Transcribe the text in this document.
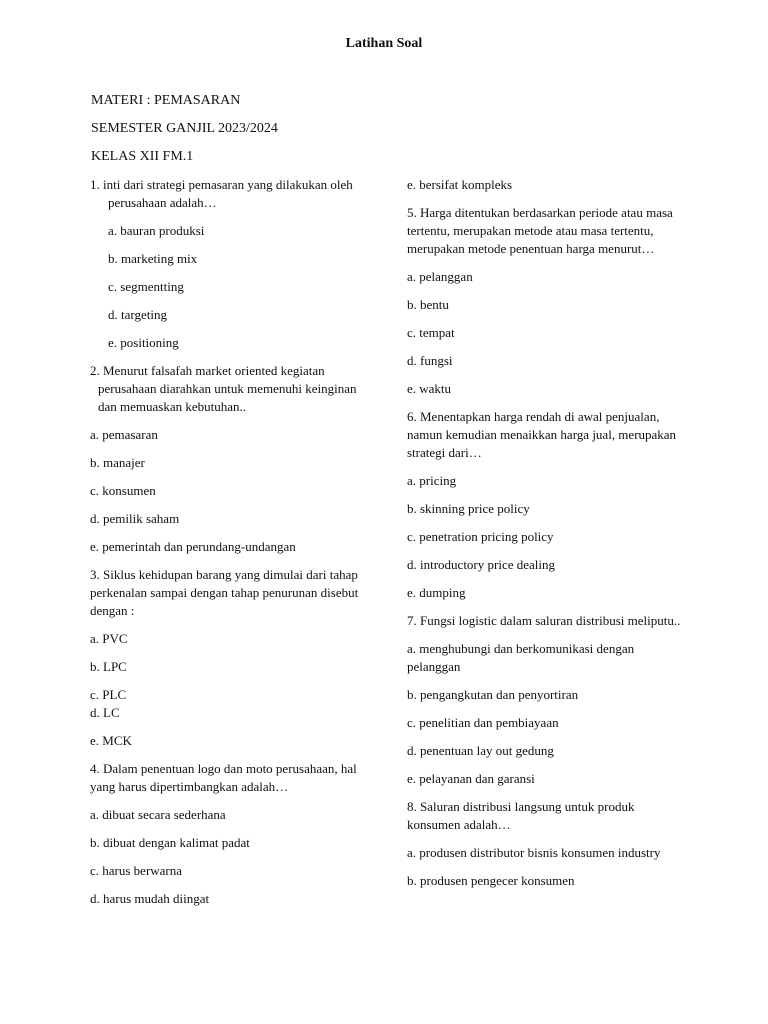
Latihan Soal

MATERI : PEMASARAN

SEMESTER GANJIL 2023/2024

KELAS XII FM.1

1. inti dari strategi pemasaran yang dilakukan oleh perusahaan adalah…

a. bauran produksi

b. marketing mix

c. segmentting

d. targeting

e. positioning

2. Menurut falsafah market oriented kegiatan perusahaan diarahkan untuk memenuhi keinginan dan memuaskan kebutuhan..

a. pemasaran

b. manajer

c. konsumen

d. pemilik saham

e. pemerintah dan perundang-undangan

3. Siklus kehidupan barang yang dimulai dari tahap perkenalan sampai dengan tahap penurunan disebut dengan :

a. PVC

b. LPC

c. PLC

d. LC

e. MCK

4. Dalam penentuan logo dan moto perusahaan, hal yang harus dipertimbangkan adalah…

a. dibuat secara sederhana

b. dibuat dengan kalimat padat

c. harus berwarna

d. harus mudah diingat

e. bersifat kompleks

5. Harga ditentukan berdasarkan periode atau masa tertentu, merupakan metode atau masa tertentu, merupakan metode penentuan harga menurut…

a. pelanggan

b. bentu

c. tempat

d. fungsi

e. waktu

6. Menentapkan harga rendah di awal penjualan, namun kemudian menaikkan harga jual, merupakan strategi dari…

a. pricing

b. skinning price policy

c. penetration pricing policy

d. introductory price dealing

e. dumping

7. Fungsi logistic dalam saluran distribusi meliputu..

a. menghubungi dan berkomunikasi dengan pelanggan

b. pengangkutan dan penyortiran

c. penelitian dan pembiayaan

d. penentuan lay out gedung

e. pelayanan dan garansi

8. Saluran distribusi langsung untuk produk konsumen adalah…

a. produsen distributor bisnis konsumen industry

b. produsen pengecer konsumen
